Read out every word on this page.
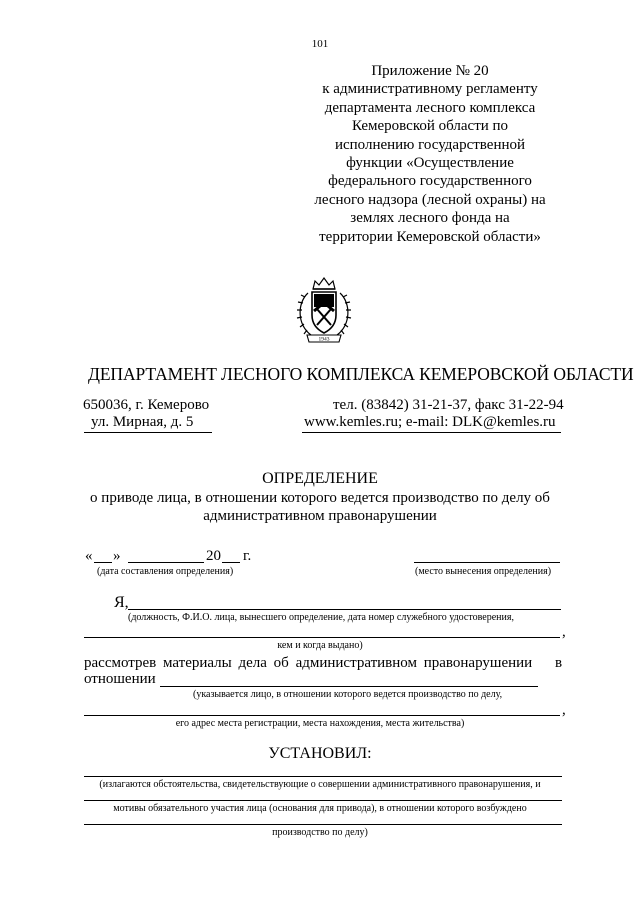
101
Приложение № 20
к административному регламенту
департамента лесного комплекса
Кемеровской области по
исполнению государственной
функции «Осуществление
федерального государственного
лесного надзора (лесной охраны) на
землях лесного фонда на
территории Кемеровской области»
1943
ДЕПАРТАМЕНТ ЛЕСНОГО КОМПЛЕКСА КЕМЕРОВСКОЙ ОБЛАСТИ
650036, г. Кемерово
ул. Мирная, д. 5
тел. (83842) 31-21-37, факс 31-22-94
www.kemles.ru; e-mail: DLK@kemles.ru
ОПРЕДЕЛЕНИЕ
о приводе лица, в отношении которого ведется производство по делу об
административном правонарушении
« »	20 г.
(дата составления определения)	(место вынесения определения)
Я,
(должность, Ф.И.О. лица, вынесшего определение, дата номер служебного удостоверения,
,
кем и когда выдано)
рассмотрев материалы дела об административном правонарушении в
отношении
(указывается лицо, в отношении которого ведется производство по делу,
,
его адрес места регистрации, места нахождения, места жительства)
УСТАНОВИЛ:
(излагаются обстоятельства, свидетельствующие о совершении административного правонарушения, и
мотивы обязательного участия лица (основания для привода), в отношении которого возбуждено
производство по делу)
